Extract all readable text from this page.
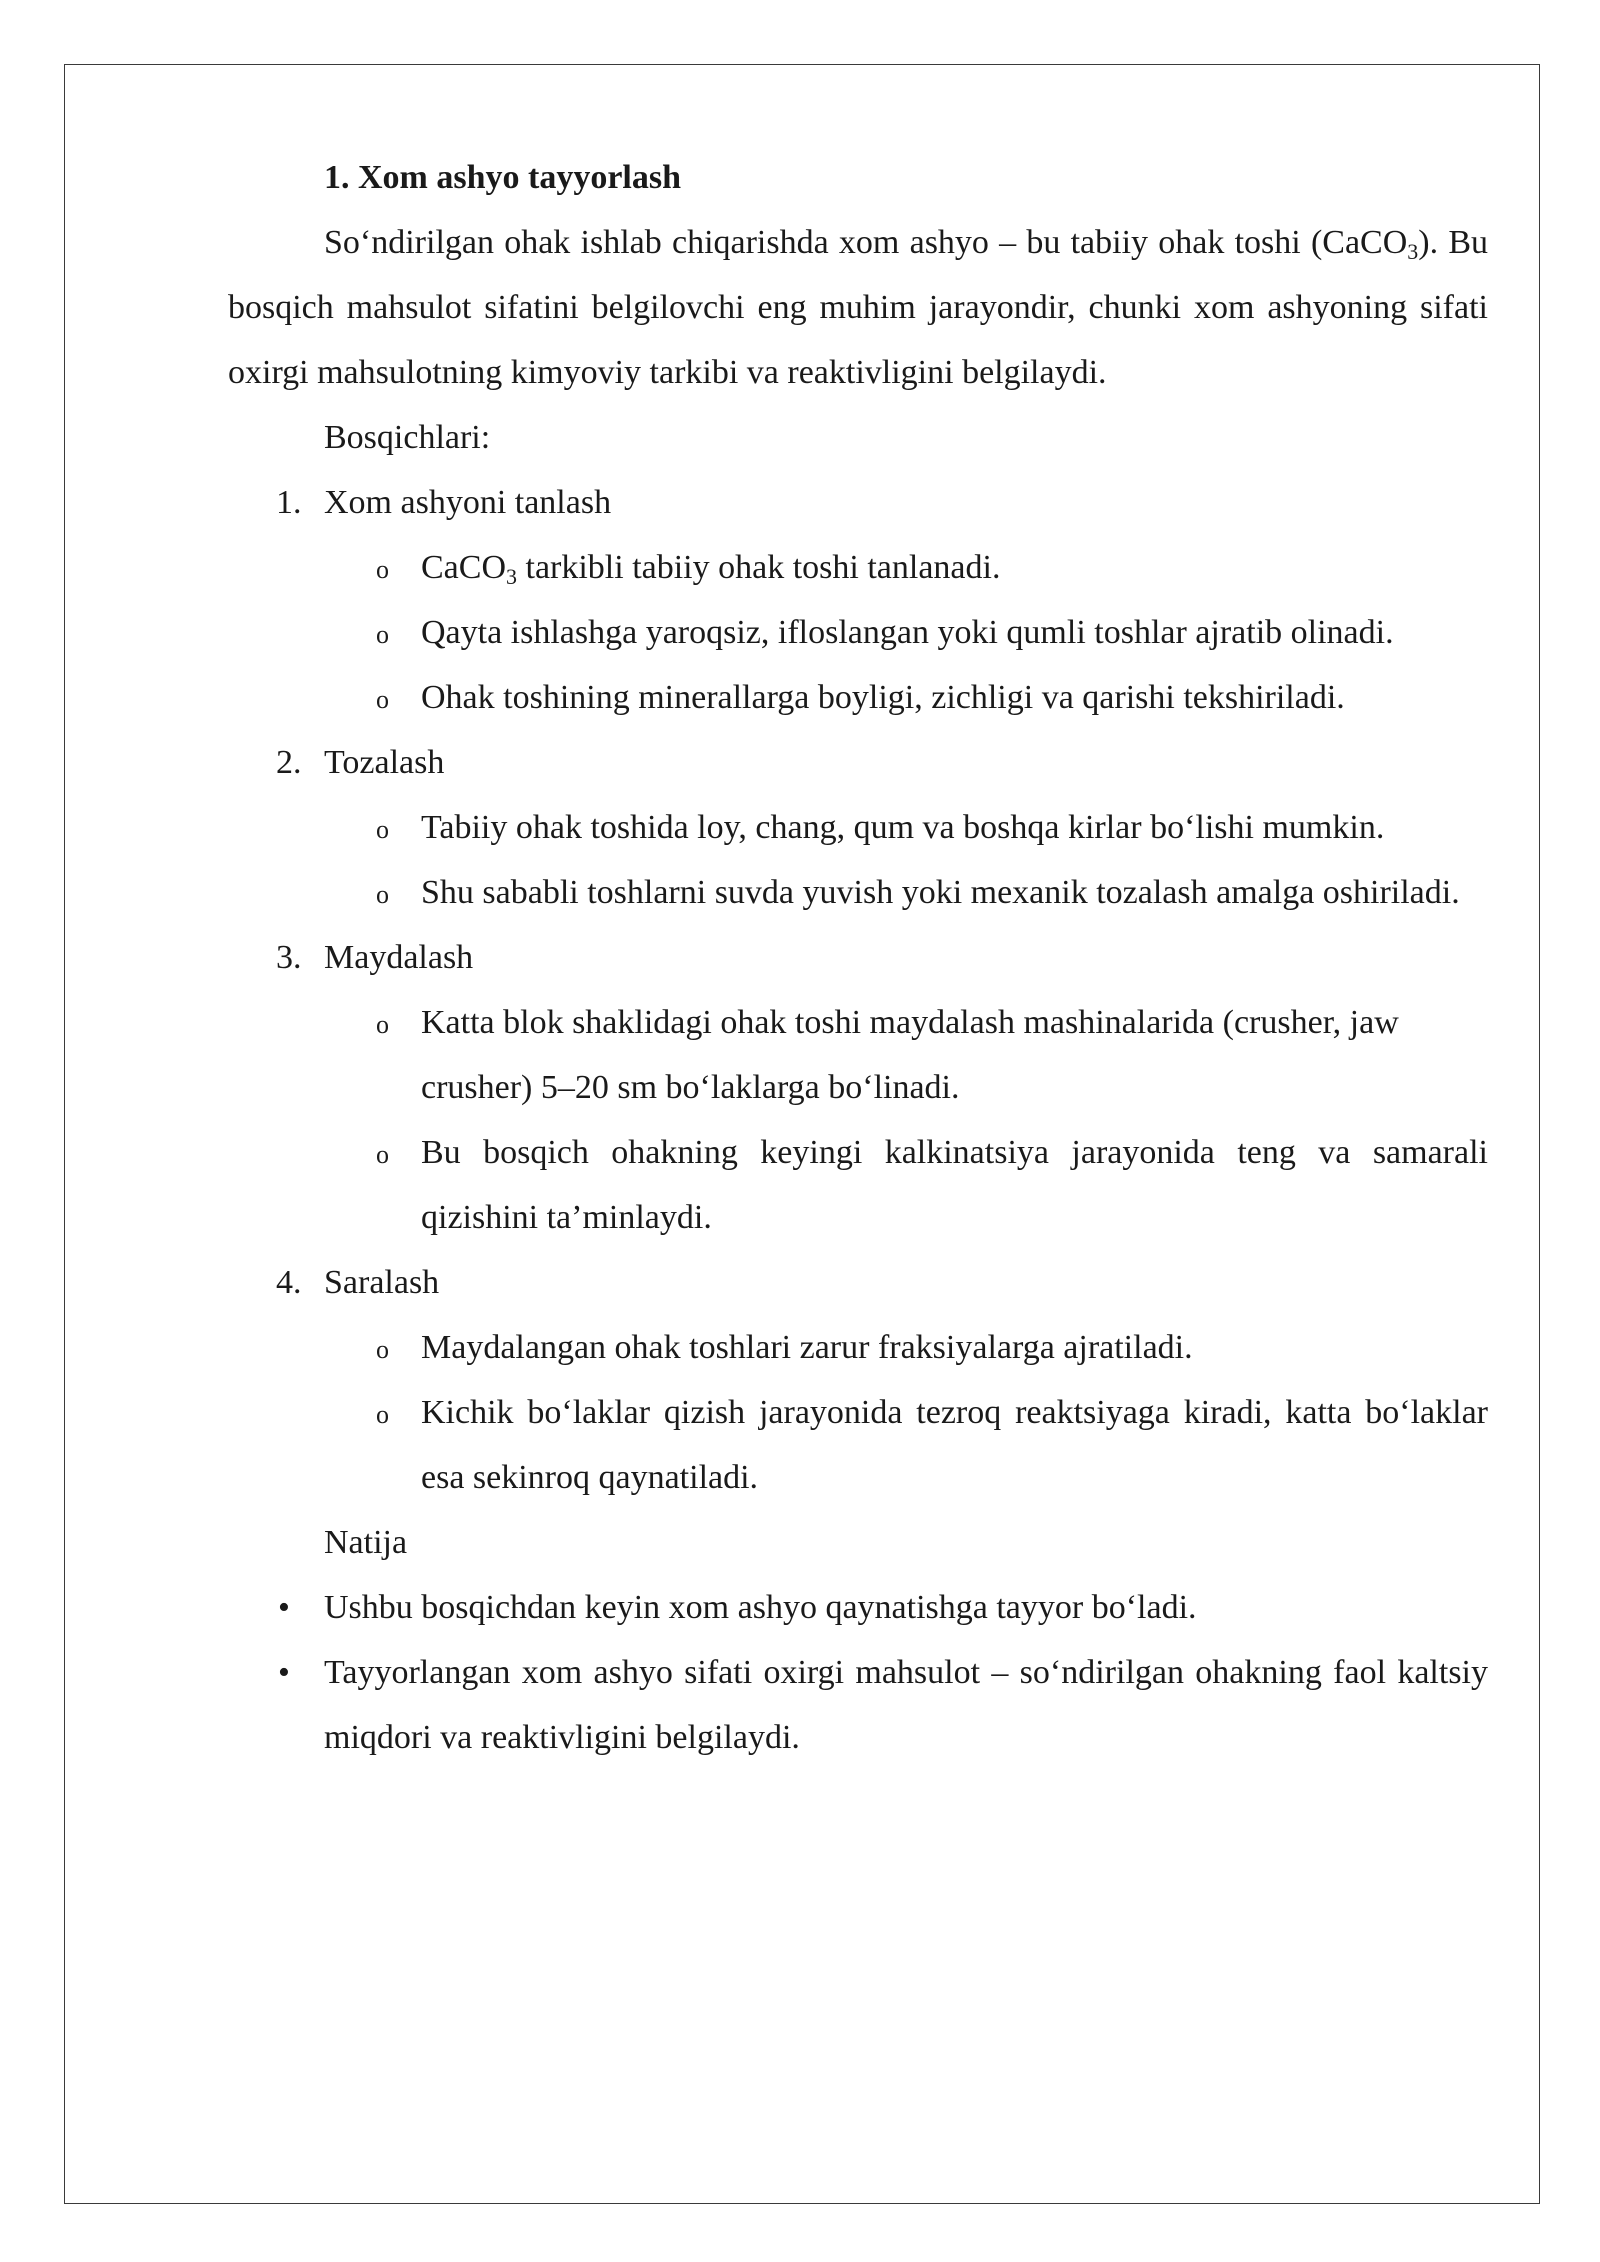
1. Xom ashyo tayyorlash

So‘ndirilgan ohak ishlab chiqarishda xom ashyo – bu tabiiy ohak toshi (CaCO$_3$). Bu bosqich mahsulot sifatini belgilovchi eng muhim jarayondir, chunki xom ashyoning sifati oxirgi mahsulotning kimyoviy tarkibi va reaktivligini belgilaydi.

Bosqichlari:

1. Xom ashyoni tanlash
o CaCO$_3$ tarkibli tabiiy ohak toshi tanlanadi.
o Qayta ishlashga yaroqsiz, ifloslangan yoki qumli toshlar ajratib olinadi.
o Ohak toshining minerallarga boyligi, zichligi va qarishi tekshiriladi.
2. Tozalash
o Tabiiy ohak toshida loy, chang, qum va boshqa kirlar bo‘lishi mumkin.
o Shu sababli toshlarni suvda yuvish yoki mexanik tozalash amalga oshiriladi.
3. Maydalash
o Katta blok shaklidagi ohak toshi maydalash mashinalarida (crusher, jaw crusher) 5–20 sm bo‘laklarga bo‘linadi.
o Bu bosqich ohakning keyingi kalkinatsiya jarayonida teng va samarali qizishini ta’minlaydi.
4. Saralash
o Maydalangan ohak toshlari zarur fraksiyalarga ajratiladi.
o Kichik bo‘laklar qizish jarayonida tezroq reaktsiyaga kiradi, katta bo‘laklar esa sekinroq qaynatiladi.

Natija

• Ushbu bosqichdan keyin xom ashyo qaynatishga tayyor bo‘ladi.
• Tayyorlangan xom ashyo sifati oxirgi mahsulot – so‘ndirilgan ohakning faol kaltsiy miqdori va reaktivligini belgilaydi.
